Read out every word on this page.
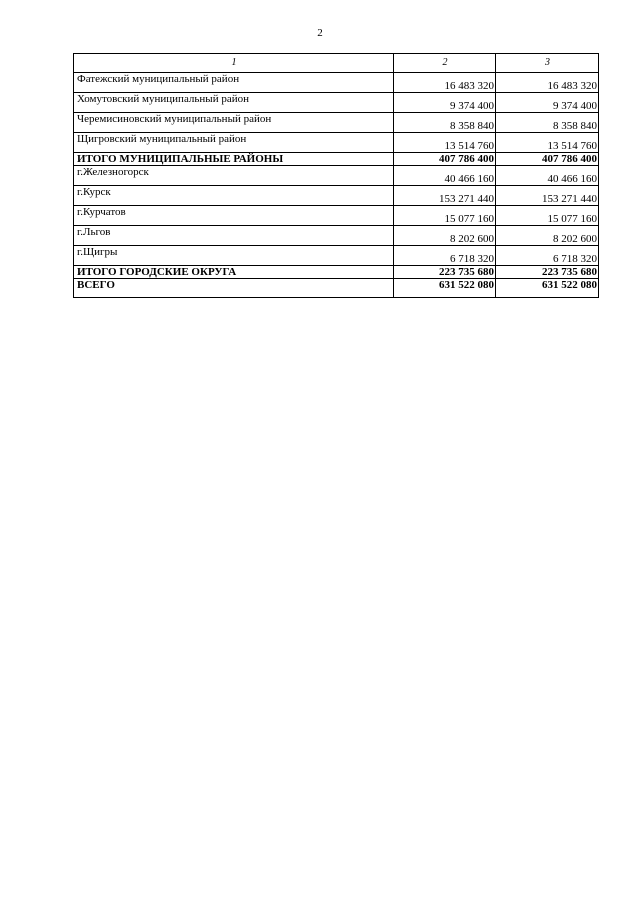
2
1	2	3
Фатежский муниципальный район	16 483 320	16 483 320
Хомутовский муниципальный район	9 374 400	9 374 400
Черемисиновский муниципальный район	8 358 840	8 358 840
Щигровский муниципальный район	13 514 760	13 514 760
ИТОГО МУНИЦИПАЛЬНЫЕ РАЙОНЫ	407 786 400	407 786 400
г.Железногорск	40 466 160	40 466 160
г.Курск	153 271 440	153 271 440
г.Курчатов	15 077 160	15 077 160
г.Льгов	8 202 600	8 202 600
г.Щигры	6 718 320	6 718 320
ИТОГО ГОРОДСКИЕ ОКРУГА	223 735 680	223 735 680
ВСЕГО	631 522 080	631 522 080
